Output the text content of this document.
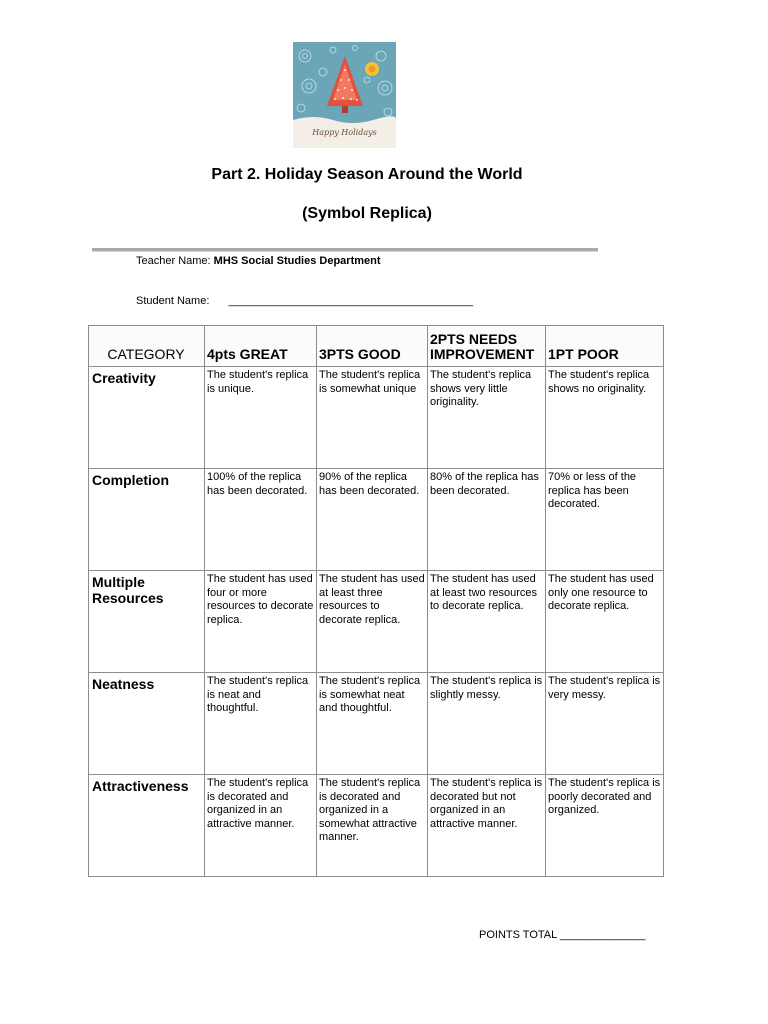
Happy Holidays
Part 2. Holiday Season Around the World
(Symbol Replica)
Teacher Name: MHS Social Studies Department
Student Name: ________________________________________
CATEGORY	4pts GREAT	3PTS GOOD	2PTS NEEDS IMPROVEMENT	1PT POOR
Creativity	The student's replica is unique.	The student's replica is somewhat unique	The student's replica shows very little originality.	The student's replica shows no originality.
Completion	100% of the replica has been decorated.	90% of the replica has been decorated.	80% of the replica has been decorated.	70% or less of the replica has been decorated.
Multiple Resources	The student has used four or more resources to decorate replica.	The student has used at least three resources to decorate replica.	The student has used at least two resources to decorate replica.	The student has used only one resource to decorate replica.
Neatness	The student's replica is neat and thoughtful.	The student's replica is somewhat neat and thoughtful.	The student's replica is slightly messy.	The student's replica is very messy.
Attractiveness	The student's replica is decorated and organized in an attractive manner.	The student's replica is decorated and organized in a somewhat attractive manner.	The student's replica is decorated but not organized in an attractive manner.	The student's replica is poorly decorated and organized.
POINTS TOTAL ______________
